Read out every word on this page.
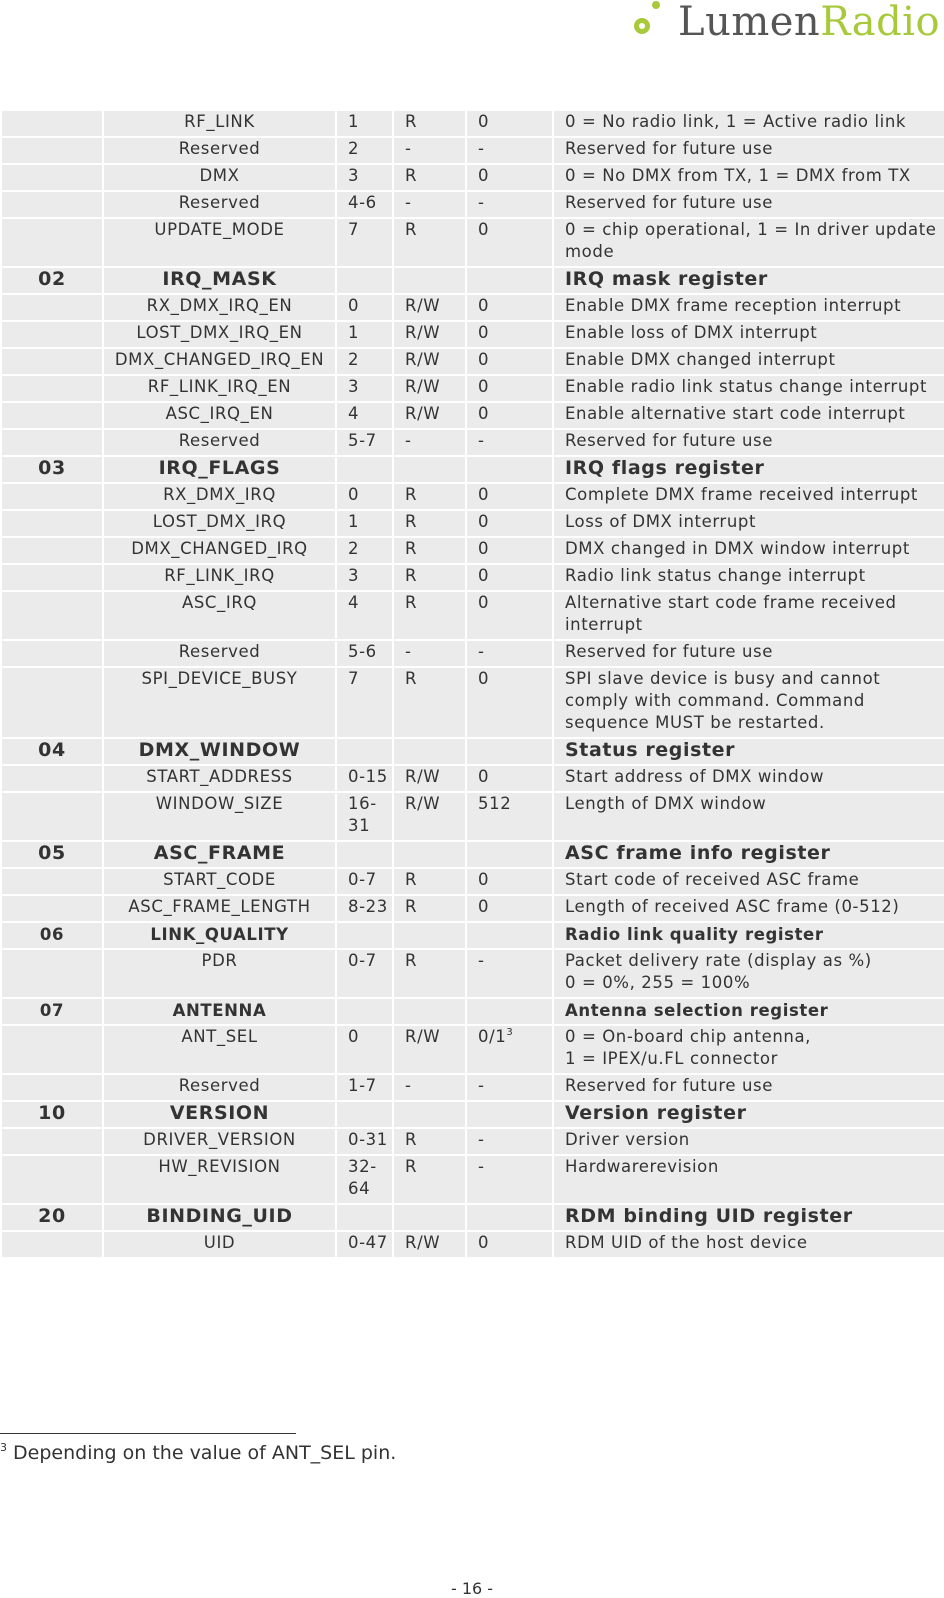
LumenRadio
	RF_LINK	1	R	0	0 = No radio link, 1 = Active radio link

	Reserved	2	-	-	Reserved for future use

	DMX	3	R	0	0 = No DMX from TX, 1 = DMX from TX

	Reserved	4-6	-	-	Reserved for future use

	UPDATE_MODE	7	R	0	0 = chip operational, 1 = In driver update mode

02	IRQ_MASK				IRQ mask register
	RX_DMX_IRQ_EN	0	R/W	0	Enable DMX frame reception interrupt

	LOST_DMX_IRQ_EN	1	R/W	0	Enable loss of DMX interrupt

	DMX_CHANGED_IRQ_EN	2	R/W	0	Enable DMX changed interrupt

	RF_LINK_IRQ_EN	3	R/W	0	Enable radio link status change interrupt

	ASC_IRQ_EN	4	R/W	0	Enable alternative start code interrupt

	Reserved	5-7	-	-	Reserved for future use

03	IRQ_FLAGS				IRQ flags register
	RX_DMX_IRQ	0	R	0	Complete DMX frame received interrupt

	LOST_DMX_IRQ	1	R	0	Loss of DMX interrupt

	DMX_CHANGED_IRQ	2	R	0	DMX changed in DMX window interrupt

	RF_LINK_IRQ	3	R	0	Radio link status change interrupt

	ASC_IRQ	4	R	0	Alternative start code frame received interrupt

	Reserved	5-6	-	-	Reserved for future use

	SPI_DEVICE_BUSY	7	R	0	SPI slave device is busy and cannot comply with command. Command sequence MUST be restarted.

04	DMX_WINDOW				Status register
	START_ADDRESS	0-15	R/W	0	Start address of DMX window

	WINDOW_SIZE	16-31	R/W	512	Length of DMX window

05	ASC_FRAME				ASC frame info register
	START_CODE	0-7	R	0	Start code of received ASC frame

	ASC_FRAME_LENGTH	8-23	R	0	Length of received ASC frame (0-512)

06	LINK_QUALITY				Radio link quality register
	PDR	0-7	R	-	Packet delivery rate (display as %)
0 = 0%, 255 = 100%

07	ANTENNA				Antenna selection register
	ANT_SEL	0	R/W	$0/1^3$	0 = On-board chip antenna,
1 = IPEX/u.FL connector

	Reserved	1-7	-	-	Reserved for future use

10	VERSION				Version register
	DRIVER_VERSION	0-31	R	-	Driver version

	HW_REVISION	32-64	R	-	Hardwarerevision

20	BINDING_UID				RDM binding UID register
	UID	0-47	R/W	0	RDM UID of the host device
$^3$ Depending on the value of ANT_SEL pin.
- 16 -
